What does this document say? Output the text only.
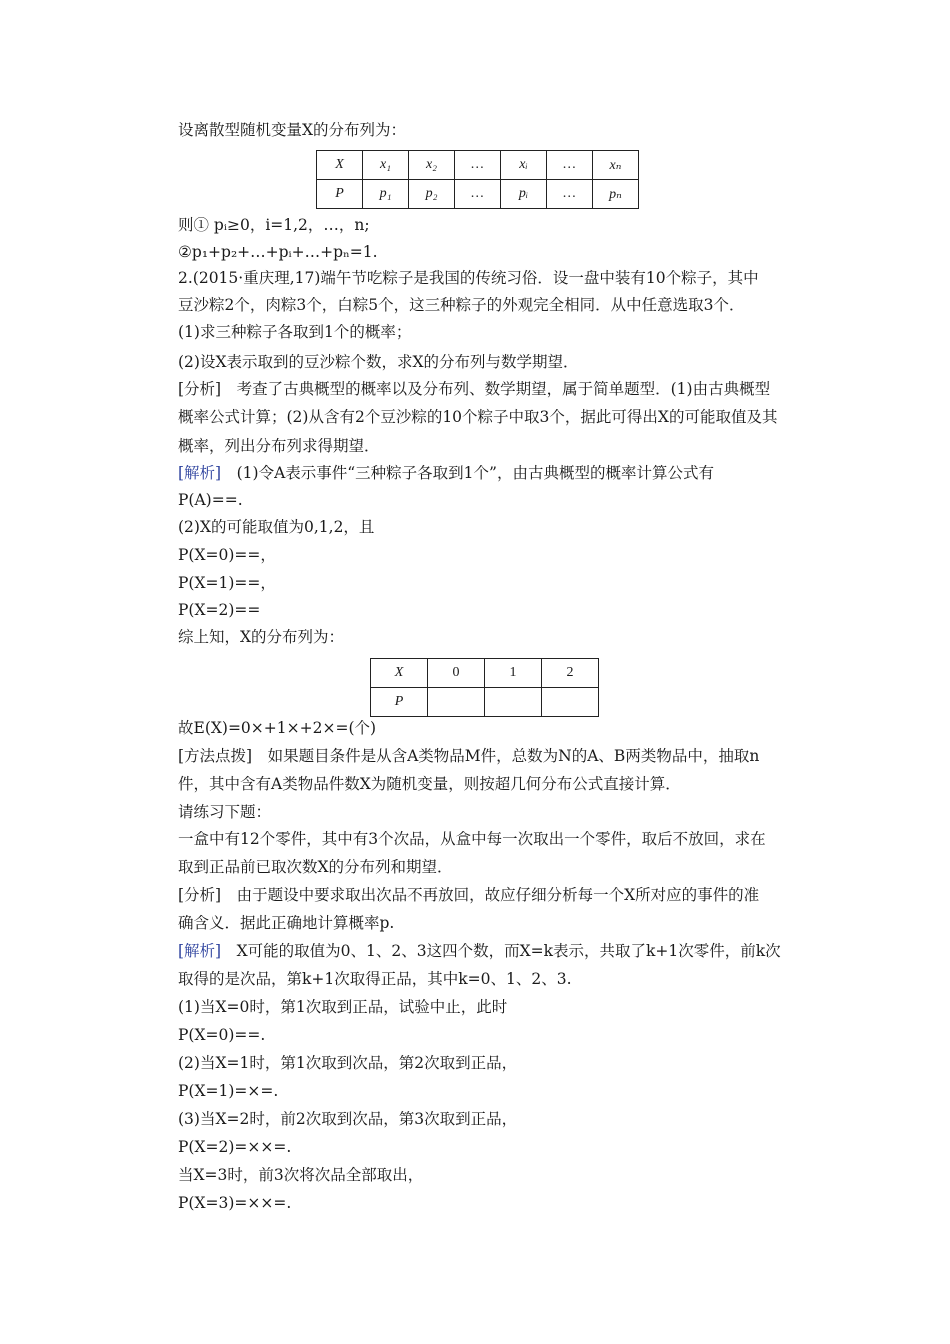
设离散型随机变量X的分布列为：
X	x₁	x₂	…	xᵢ	…	xₙ
P	p₁	p₂	…	pᵢ	…	pₙ
则① pᵢ≥0，i=1,2，…，n;
②p₁+p₂+…+pᵢ+…+pₙ=1.
2.(2015·重庆理,17)端午节吃粽子是我国的传统习俗．设一盘中装有10个粽子，其中
豆沙粽2个，肉粽3个，白粽5个，这三种粽子的外观完全相同．从中任意选取3个．
(1)求三种粽子各取到1个的概率；
(2)设X表示取到的豆沙粽个数，求X的分布列与数学期望．
[分析]　考查了古典概型的概率以及分布列、数学期望，属于简单题型．(1)由古典概型
概率公式计算；(2)从含有2个豆沙粽的10个粽子中取3个，据此可得出X的可能取值及其
概率，列出分布列求得期望．
[解析]　(1)令A表示事件“三种粽子各取到1个”，由古典概型的概率计算公式有
P(A)==.
(2)X的可能取值为0,1,2，且
P(X=0)==，
P(X=1)==，
P(X=2)==
综上知，X的分布列为：
X	0	1	2
P			
故E(X)=0×+1×+2×=(个)
[方法点拨]　如果题目条件是从含A类物品M件，总数为N的A、B两类物品中，抽取n
件，其中含有A类物品件数X为随机变量，则按超几何分布公式直接计算．
请练习下题：
一盒中有12个零件，其中有3个次品，从盒中每一次取出一个零件，取后不放回，求在
取到正品前已取次数X的分布列和期望．
[分析]　由于题设中要求取出次品不再放回，故应仔细分析每一个X所对应的事件的准
确含义．据此正确地计算概率p.
[解析]　X可能的取值为0、1、2、3这四个数，而X=k表示，共取了k+1次零件，前k次
取得的是次品，第k+1次取得正品，其中k=0、1、2、3.
(1)当X=0时，第1次取到正品，试验中止，此时
P(X=0)==.
(2)当X=1时，第1次取到次品，第2次取到正品，
P(X=1)=×=.
(3)当X=2时，前2次取到次品，第3次取到正品，
P(X=2)=××=.
当X=3时，前3次将次品全部取出，
P(X=3)=××=.
